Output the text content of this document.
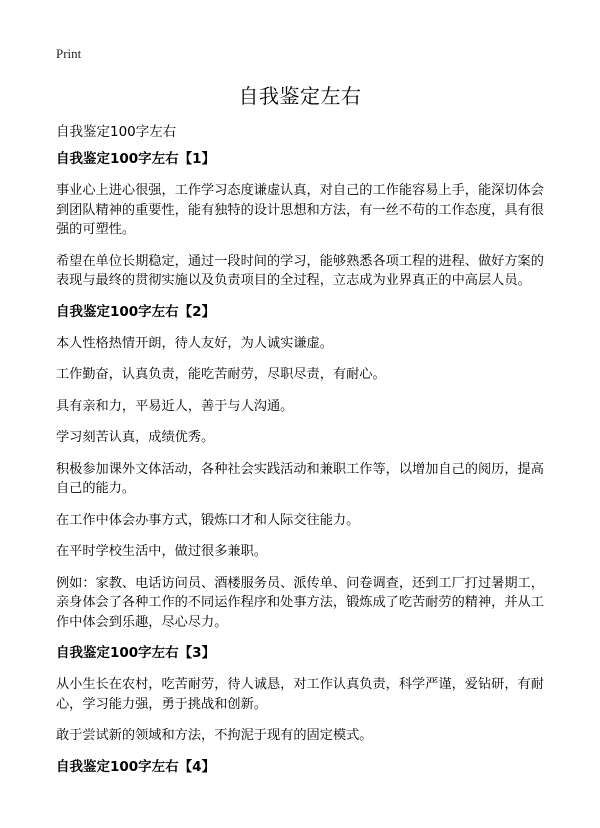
Print
自我鉴定左右
自我鉴定100字左右
自我鉴定100字左右【1】

事业心上进心很强，工作学习态度谦虚认真，对自己的工作能容易上手，能深切体会到团队精神的重要性，能有独特的设计思想和方法，有一丝不苟的工作态度，具有很强的可塑性。

希望在单位长期稳定，通过一段时间的学习，能够熟悉各项工程的进程、做好方案的表现与最终的贯彻实施以及负责项目的全过程，立志成为业界真正的中高层人员。

自我鉴定100字左右【2】

本人性格热情开朗，待人友好，为人诚实谦虚。

工作勤奋，认真负责，能吃苦耐劳，尽职尽责，有耐心。

具有亲和力，平易近人，善于与人沟通。

学习刻苦认真，成绩优秀。

积极参加课外文体活动，各种社会实践活动和兼职工作等，以增加自己的阅历，提高自己的能力。

在工作中体会办事方式，锻炼口才和人际交往能力。

在平时学校生活中，做过很多兼职。

例如：家教、电话访问员、酒楼服务员、派传单、问卷调查，还到工厂打过暑期工，亲身体会了各种工作的不同运作程序和处事方法，锻炼成了吃苦耐劳的精神，并从工作中体会到乐趣，尽心尽力。

自我鉴定100字左右【3】

从小生长在农村，吃苦耐劳，待人诚恳，对工作认真负责，科学严谨，爱钻研，有耐心，学习能力强，勇于挑战和创新。

敢于尝试新的领域和方法，不拘泥于现有的固定模式。

自我鉴定100字左右【4】
